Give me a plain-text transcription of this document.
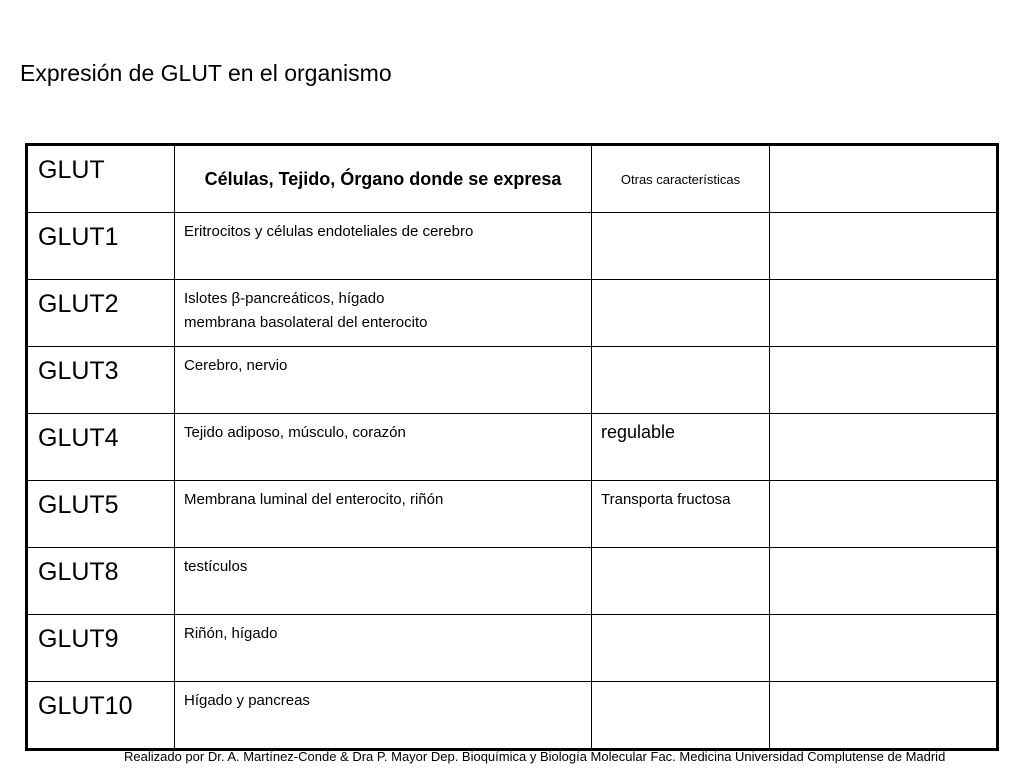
Expresión de GLUT en el organismo
GLUT	Células, Tejido, Órgano donde se expresa	Otras características	
GLUT1	Eritrocitos y células endoteliales de cerebro		

GLUT2	Islotes β-pancreáticos, hígado
membrana basolateral del enterocito		

GLUT3	Cerebro, nervio		

GLUT4	Tejido adiposo, músculo, corazón	regulable	
GLUT5	Membrana luminal del enterocito, riñón	Transporta fructosa	
GLUT8	testículos		

GLUT9	Riñón, hígado		

GLUT10	Hígado y pancreas		

Realizado por Dr. A. Martínez-Conde & Dra P. Mayor Dep. Bioquímica y Biología Molecular Fac. Medicina Universidad Complutense de Madrid
